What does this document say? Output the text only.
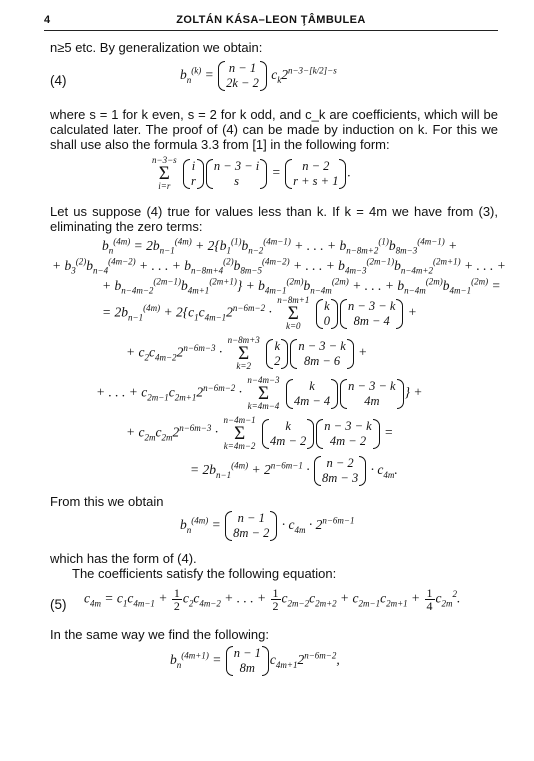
4	ZOLTÁN KÁSA–LEON ŢÂMBULEA
n≥5 etc. By generalization we obtain:
(4)	$b_n^{(k)} = n - 1$
2k − 2
$c_k2^{n-3-[k/2]-s}$

where s = 1 for k even, s = 2 for k odd, and c_k are coefficients, which will be calculated later. The proof of (4) can be made by induction on k. For this we shall use also the formula 3.3 from [1] in the following form:

n−3−s
Σ
i=r
i
r
n − 3 − i
s
=	n − 2
r + s + 1
.

Let us suppose (4) true for values less than k. If k = 4m we have from (3), eliminating the zero terms:

$b_n^{(4m)} = 2b_{n-1}^{(4m)} + 2\{b_1^{(1)}b_{n-2}^{(4m-1)}$ + . . . + $b_{n-8m+2}^{(1)}b_{8m-3}^{(4m-1)}$ +
+ $b_3^{(2)}b_{n-4}^{(4m-2)}$ + . . . + $b_{n-8m+4}^{(2)}b_{8m-5}^{(4m-2)}$ + . . . + $b_{4m-3}^{(2m-1)}b_{n-4m+2}^{(2m+1)}$ + . . . +
+ $b_{n-4m-2}^{(2m-1)}b_{4m+1}^{(2m+1)}\} + b_{4m-1}^{(2m)}b_{n-4m}^{(2m)}$ + . . . + $b_{n-4m}^{(2m)}b_{4m-1}^{(2m)}$ =
= $2b_{n-1}^{(4m)} + 2\{c_1c_{4m-1}2^{n-6m-2} \cdot n-8m+1$
Σ
k=0
k
0
n − 3 − k
8m − 4
+
+ $c_2c_{4m-2}2^{n-6m-3} \cdot n-8m+3$
Σ
k=2
k
2
n − 3 − k
8m − 6
+
+ . . . + $c_{2m-1}c_{2m+1}2^{n-6m-2} \cdot n-4m-3$
Σ
k=4m−4
k
4m − 4
n − 3 − k
4m
} +
+ $c_{2m}c_{2m}2^{n-6m-3} \cdot n-4m-1$
Σ
k=4m−2
k
4m − 2
n − 3 − k
4m − 2
=
= $2b_{n-1}^{(4m)} + 2^{n-6m-1}$ ·	n − 2
8m − 3
· $c_{4m}$.
From this we obtain
$b_n^{(4m)}$ =	n − 1
8m − 2
· $c_{4m} \cdot 2^{n-6m-1}$
which has the form of (4).
The coefficients satisfy the following equation:
(5) $c_{4m} = c_1c_{4m-1} + \frac{1}{2} c_2c_{4m-2}$ + . . . + $\frac{1}{2} c_{2m-2}c_{2m+2} + c_{2m-1}c_{2m+1} + \frac{1}{4} c_{2m}^2$.
In the same way we find the following:
$b_n^{(4m+1)} = n - 1$
8m
$c_{4m+1}2^{n-6m-2}$,
